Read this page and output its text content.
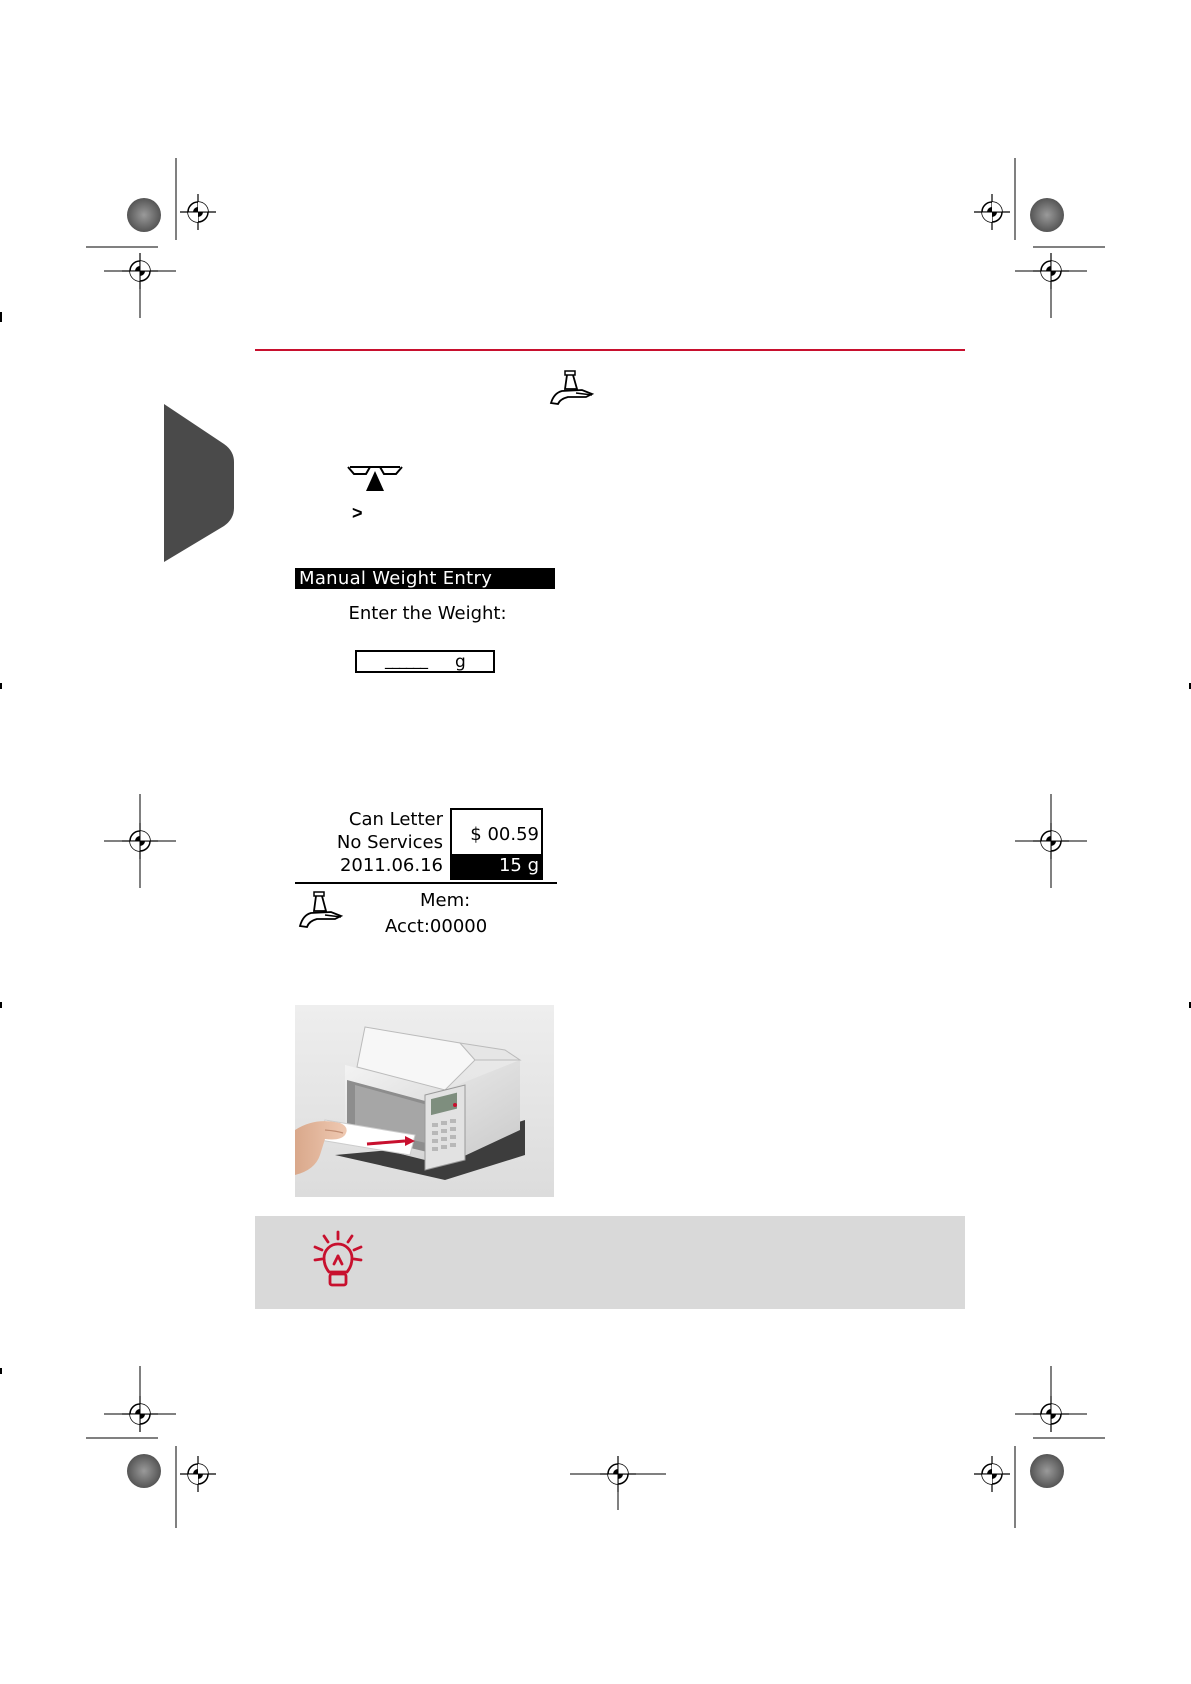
>
Manual Weight Entry
Enter the Weight:
______ g
Can Letter
No Services
2011.06.16
$ 00.59
15 g
Mem:
Acct:00000
